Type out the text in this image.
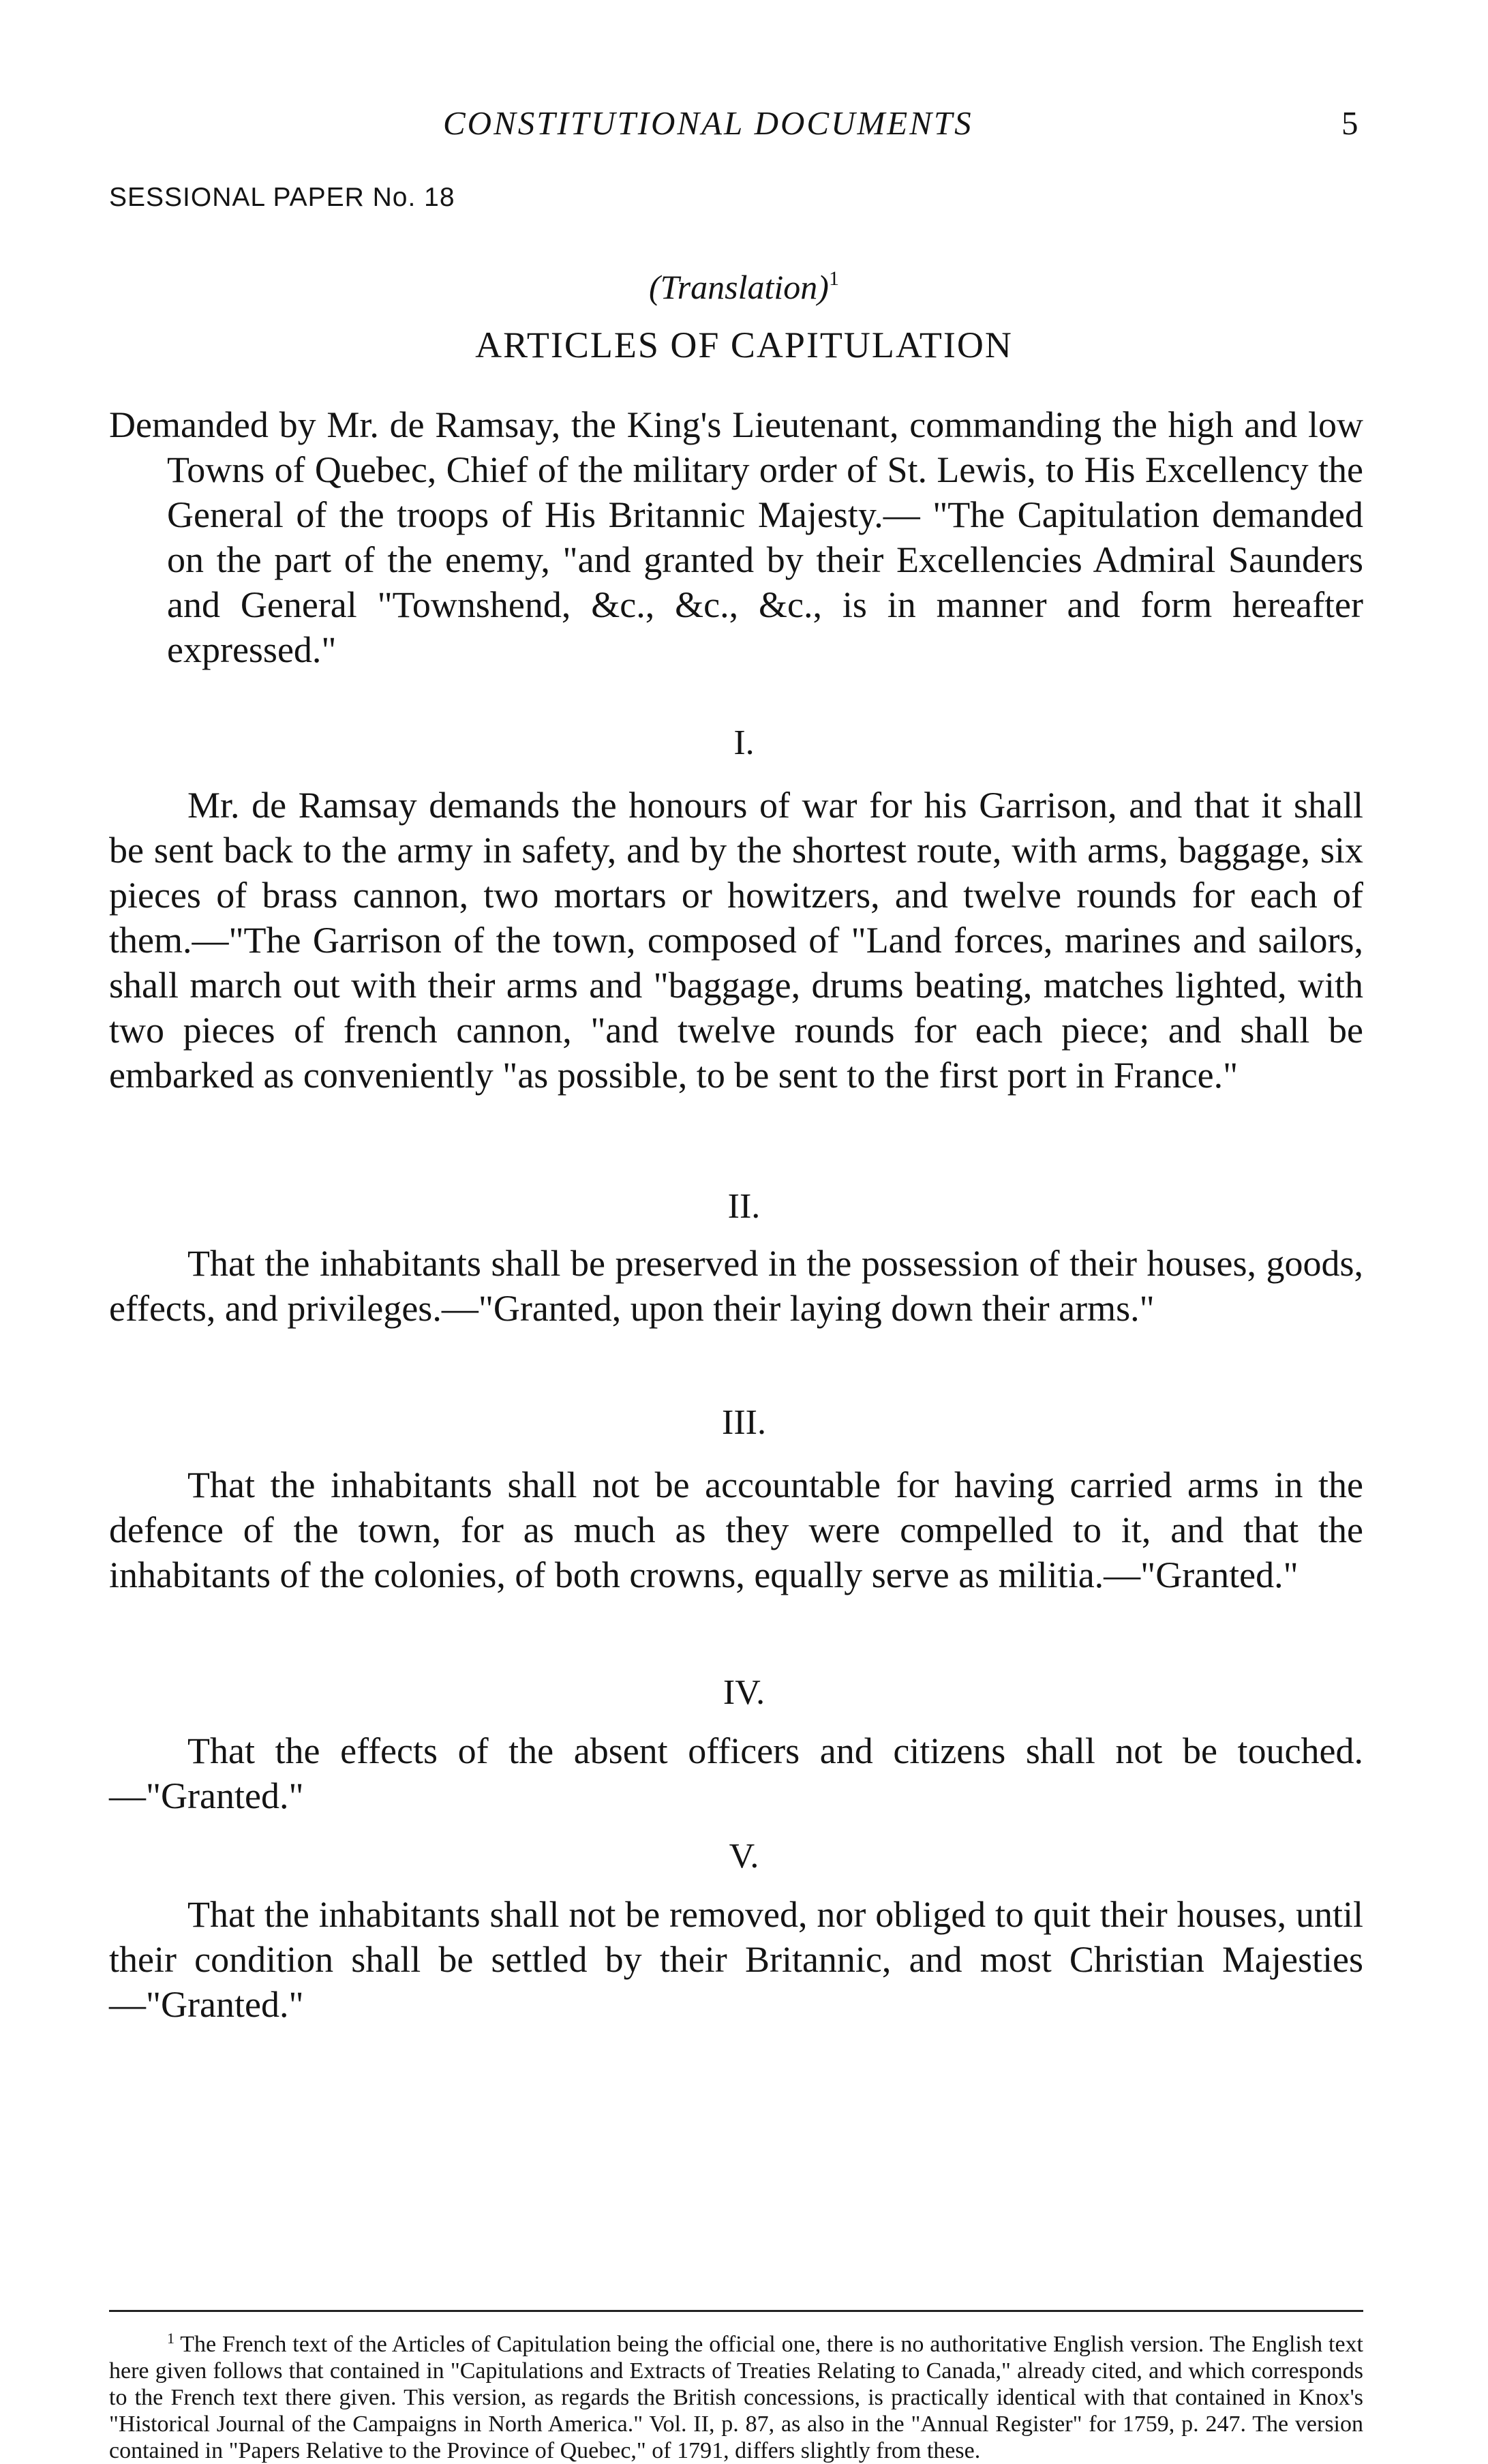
CONSTITUTIONAL DOCUMENTS	5
SESSIONAL PAPER No. 18
(Translation)$^1$
ARTICLES OF CAPITULATION
Demanded by Mr. de Ramsay, the King's Lieutenant, commanding the high and low Towns of Quebec, Chief of the military order of St. Lewis, to His Excellency the General of the troops of His Britannic Majesty.— "The Capitulation demanded on the part of the enemy, "and granted by their Excellencies Admiral Saunders and General "Townshend, &c., &c., &c., is in manner and form hereafter expressed."
I.
Mr. de Ramsay demands the honours of war for his Garrison, and that it shall be sent back to the army in safety, and by the shortest route, with arms, baggage, six pieces of brass cannon, two mortars or howitzers, and twelve rounds for each of them.—"The Garrison of the town, composed of "Land forces, marines and sailors, shall march out with their arms and "baggage, drums beating, matches lighted, with two pieces of french cannon, "and twelve rounds for each piece; and shall be embarked as conveniently "as possible, to be sent to the first port in France."
II.
That the inhabitants shall be preserved in the possession of their houses, goods, effects, and privileges.—"Granted, upon their laying down their arms."
III.
That the inhabitants shall not be accountable for having carried arms in the defence of the town, for as much as they were compelled to it, and that the inhabitants of the colonies, of both crowns, equally serve as militia.—"Granted."
IV.
That the effects of the absent officers and citizens shall not be touched. —"Granted."
V.
That the inhabitants shall not be removed, nor obliged to quit their houses, until their condition shall be settled by their Britannic, and most Christian Majesties—"Granted."
$^1$ The French text of the Articles of Capitulation being the official one, there is no authoritative English version. The English text here given follows that contained in "Capitulations and Extracts of Treaties Relating to Canada," already cited, and which corresponds to the French text there given. This version, as regards the British concessions, is practically identical with that contained in Knox's "Historical Journal of the Campaigns in North America." Vol. II, p. 87, as also in the "Annual Register" for 1759, p. 247. The version contained in "Papers Relative to the Province of Quebec," of 1791, differs slightly from these.
